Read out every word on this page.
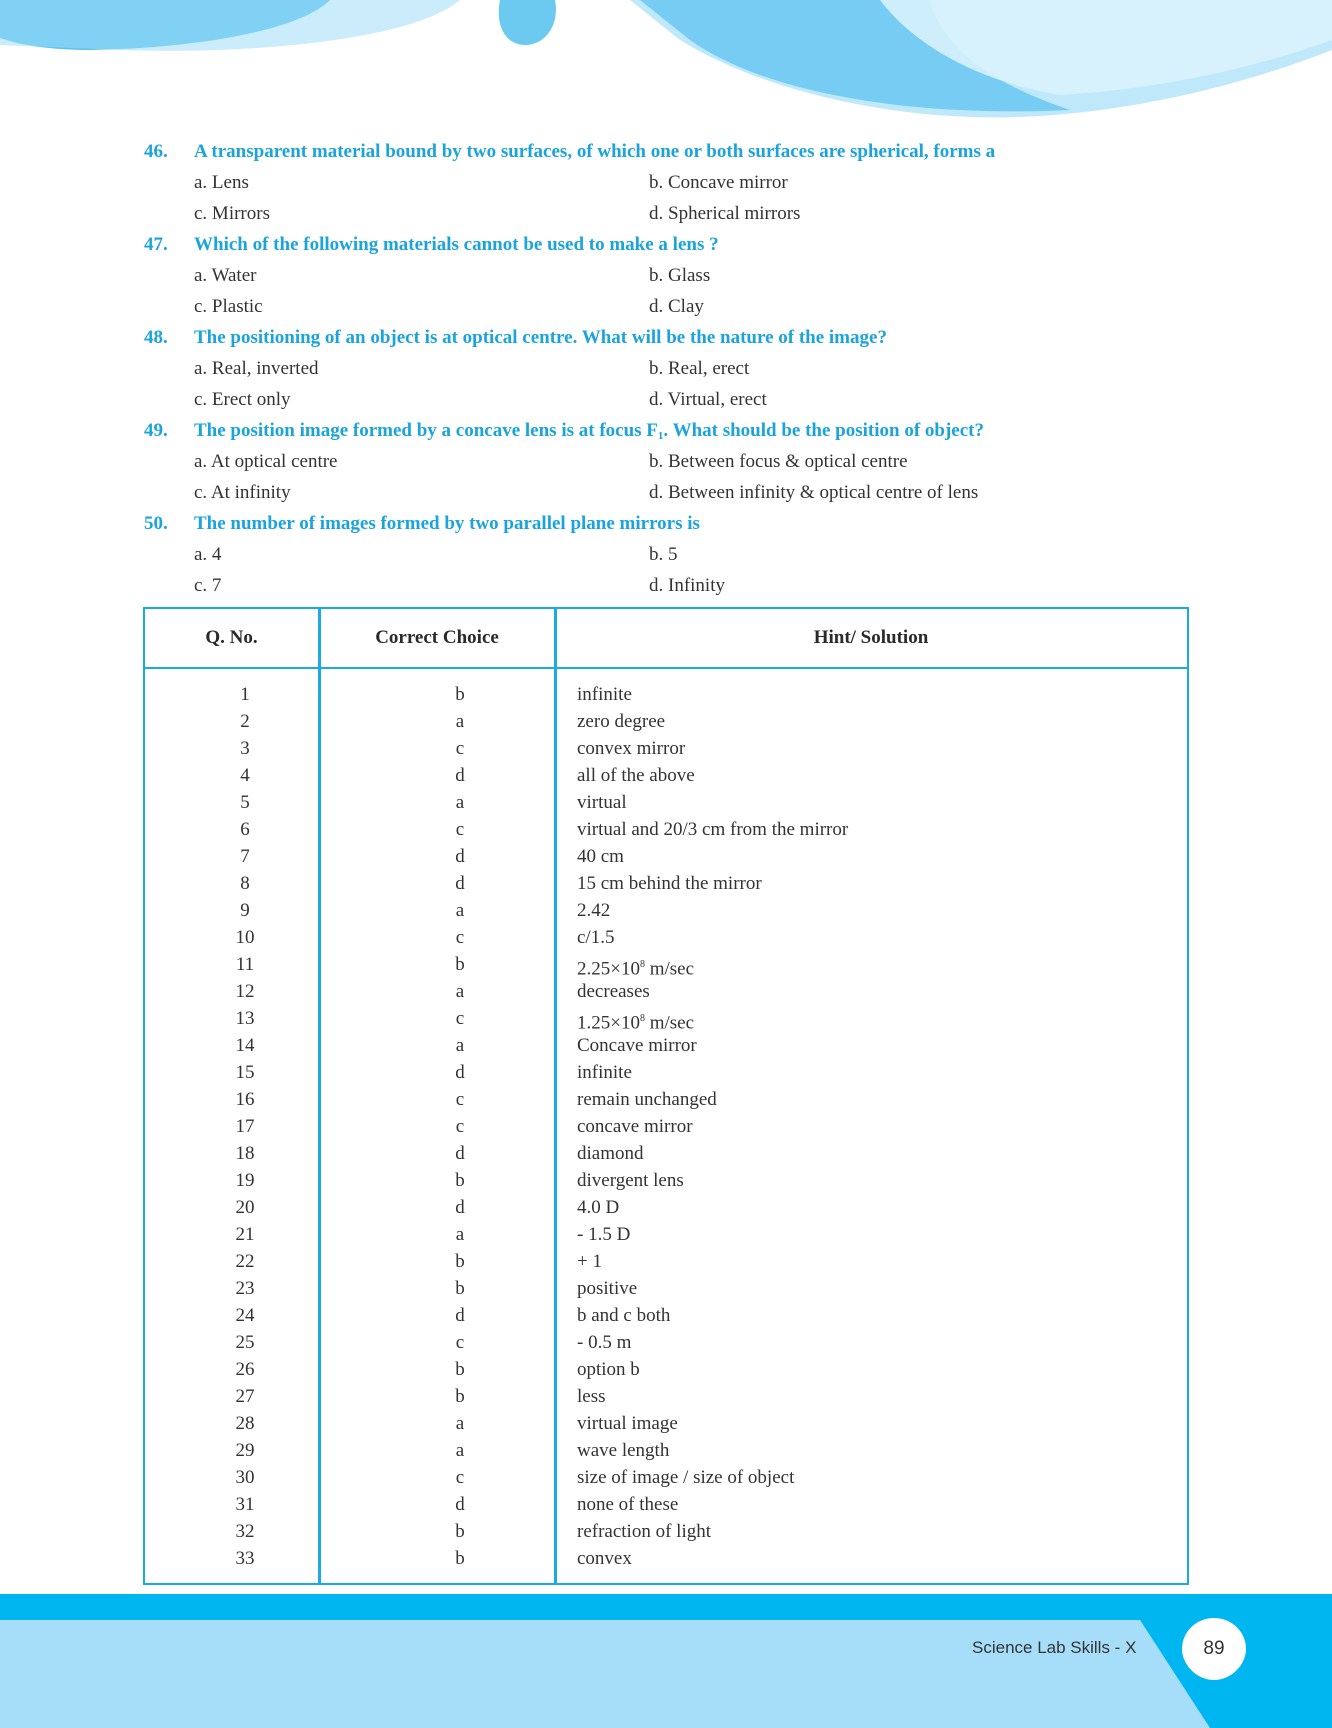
46. A transparent material bound by two surfaces, of which one or both surfaces are spherical, forms a
a. Lens	b. Concave mirror
c. Mirrors	d. Spherical mirrors
47. Which of the following materials cannot be used to make a lens ?
a. Water	b. Glass
c. Plastic	d. Clay
48. The positioning of an object is at optical centre. What will be the nature of the image?
a. Real, inverted	b. Real, erect
c. Erect only	d. Virtual, erect
49. The position image formed by a concave lens is at focus $F_1$. What should be the position of object?
a. At optical centre	b. Between focus & optical centre
c. At infinity	d. Between infinity & optical centre of lens
50. The number of images formed by two parallel plane mirrors is
a. 4	b. 5
c. 7	d. Infinity
Q. No.	Correct Choice	Hint/ Solution
1	b	infinite
2	a	zero degree
3	c	convex mirror
4	d	all of the above
5	a	virtual
6	c	virtual and 20/3 cm from the mirror
7	d	40 cm
8	d	15 cm behind the mirror
9	a	2.42
10	c	c/1.5
11	b	$2.25\times 10^8$ m/sec
12	a	decreases
13	c	$1.25\times 10^8$ m/sec
14	a	Concave mirror
15	d	infinite
16	c	remain unchanged
17	c	concave mirror
18	d	diamond
19	b	divergent lens
20	d	4.0 D
21	a	- 1.5 D
22	b	+ 1
23	b	positive
24	d	b and c both
25	c	- 0.5 m
26	b	option b
27	b	less
28	a	virtual image
29	a	wave length
30	c	size of image / size of object
31	d	none of these
32	b	refraction of light
33	b	convex
Science Lab Skills - X	89
